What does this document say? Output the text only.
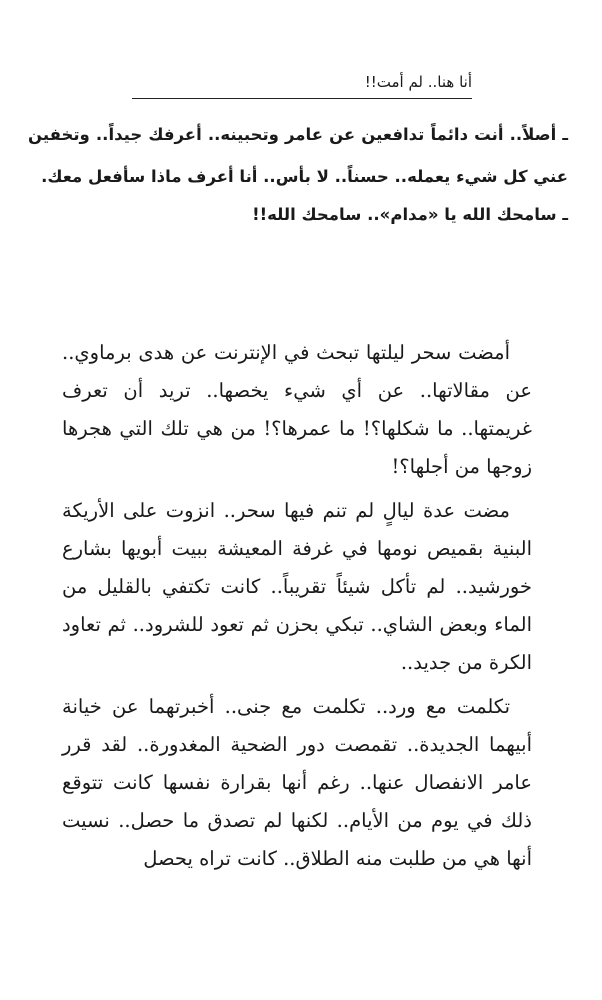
أنا هنا.. لم أمت!!

ـ أصلاً.. أنت دائماً تدافعين عن عامر وتحبينه.. أعرفك جيداً.. وتخفين عني كل شيء يعمله.. حسناً.. لا بأس.. أنا أعرف ماذا سأفعل معك.

ـ سامحك الله يا «مدام».. سامحك الله!!

أمضت سحر ليلتها تبحث في الإنترنت عن هدى برماوي.. عن مقالاتها.. عن أي شيء يخصها.. تريد أن تعرف غريمتها.. ما شكلها؟! ما عمرها؟! من هي تلك التي هجرها زوجها من أجلها؟!

مضت عدة ليالٍ لم تنم فيها سحر.. انزوت على الأريكة البنية بقميص نومها في غرفة المعيشة ببيت أبويها بشارع خورشيد.. لم تأكل شيئاً تقريباً.. كانت تكتفي بالقليل من الماء وبعض الشاي.. تبكي بحزن ثم تعود للشرود.. ثم تعاود الكرة من جديد..

تكلمت مع ورد.. تكلمت مع جنى.. أخبرتهما عن خيانة أبيهما الجديدة.. تقمصت دور الضحية المغدورة.. لقد قرر عامر الانفصال عنها.. رغم أنها بقرارة نفسها كانت تتوقع ذلك في يوم من الأيام.. لكنها لم تصدق ما حصل.. نسيت أنها هي من طلبت منه الطلاق.. كانت تراه يحصل
